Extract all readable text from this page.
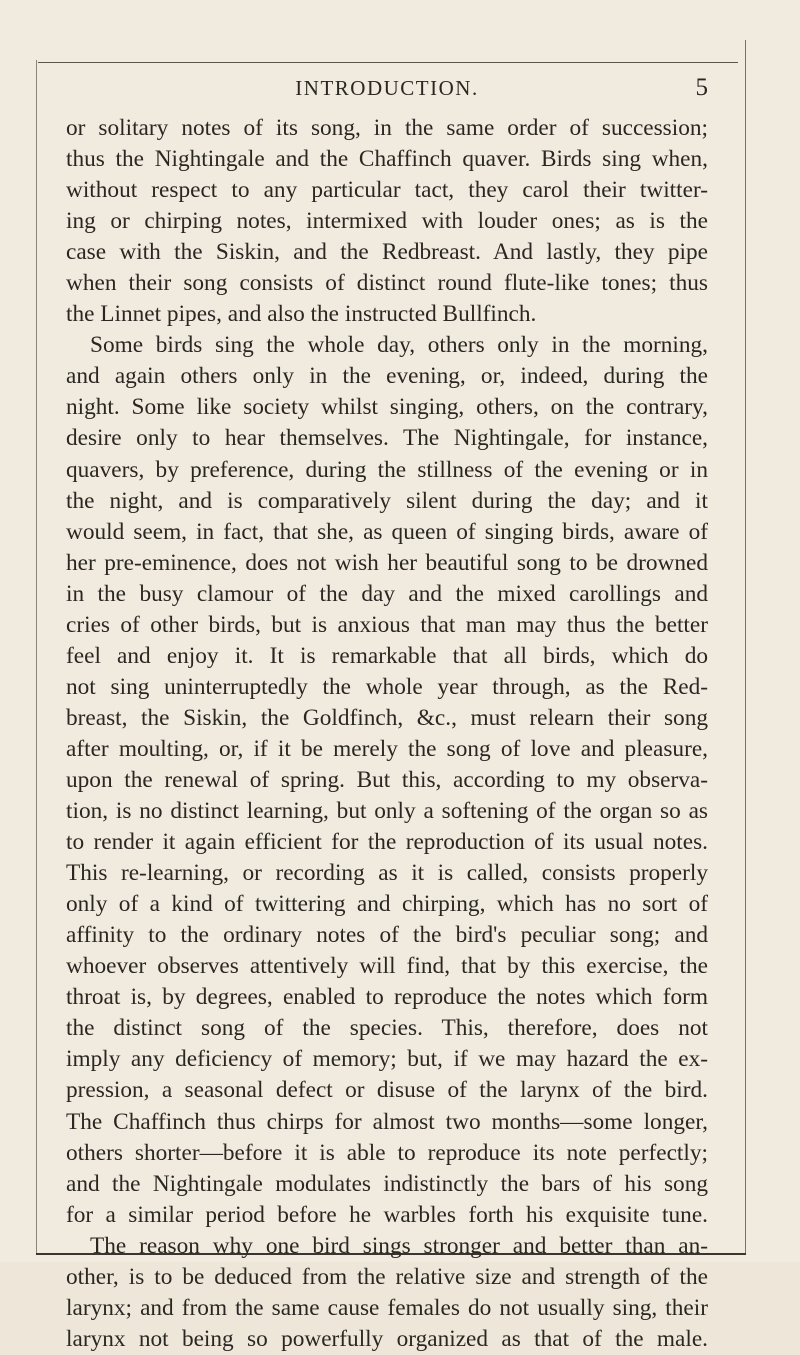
INTRODUCTION.	5
or solitary notes of its song, in the same order of succession;
thus the Nightingale and the Chaffinch quaver. Birds sing when,
without respect to any particular tact, they carol their twitter-
ing or chirping notes, intermixed with louder ones; as is the
case with the Siskin, and the Redbreast. And lastly, they pipe
when their song consists of distinct round flute-like tones; thus
the Linnet pipes, and also the instructed Bullfinch.
Some birds sing the whole day, others only in the morning,
and again others only in the evening, or, indeed, during the
night. Some like society whilst singing, others, on the contrary,
desire only to hear themselves. The Nightingale, for instance,
quavers, by preference, during the stillness of the evening or in
the night, and is comparatively silent during the day; and it
would seem, in fact, that she, as queen of singing birds, aware of
her pre-eminence, does not wish her beautiful song to be drowned
in the busy clamour of the day and the mixed carollings and
cries of other birds, but is anxious that man may thus the better
feel and enjoy it. It is remarkable that all birds, which do
not sing uninterruptedly the whole year through, as the Red-
breast, the Siskin, the Goldfinch, &c., must relearn their song
after moulting, or, if it be merely the song of love and pleasure,
upon the renewal of spring. But this, according to my observa-
tion, is no distinct learning, but only a softening of the organ so as
to render it again efficient for the reproduction of its usual notes.
This re-learning, or recording as it is called, consists properly
only of a kind of twittering and chirping, which has no sort of
affinity to the ordinary notes of the bird's peculiar song; and
whoever observes attentively will find, that by this exercise, the
throat is, by degrees, enabled to reproduce the notes which form
the distinct song of the species. This, therefore, does not
imply any deficiency of memory; but, if we may hazard the ex-
pression, a seasonal defect or disuse of the larynx of the bird.
The Chaffinch thus chirps for almost two months—some longer,
others shorter—before it is able to reproduce its note perfectly;
and the Nightingale modulates indistinctly the bars of his song
for a similar period before he warbles forth his exquisite tune.
The reason why one bird sings stronger and better than an-
other, is to be deduced from the relative size and strength of the
larynx; and from the same cause females do not usually sing, their
larynx not being so powerfully organized as that of the male.
